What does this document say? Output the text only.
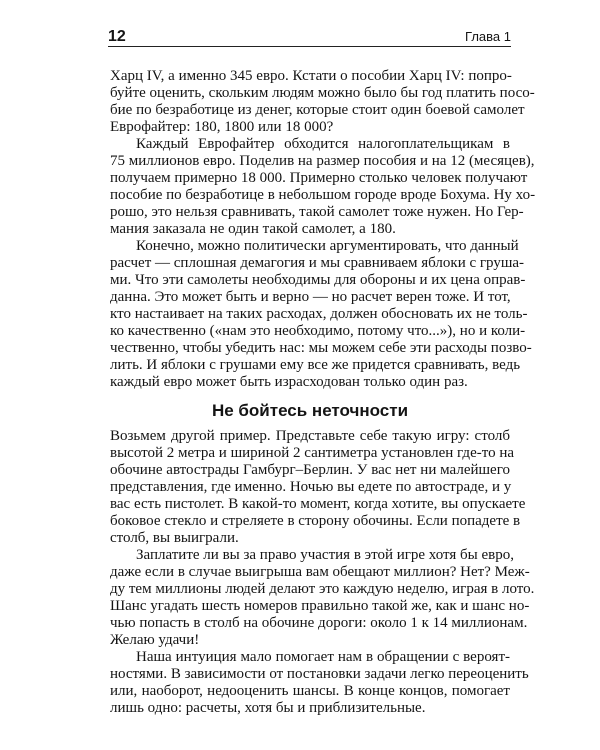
12	Глава 1
Харц IV, а именно 345 евро. Кстати о пособии Харц IV: попро-
буйте оценить, скольким людям можно было бы год платить посо-
бие по безработице из денег, которые стоит один боевой самолет
Еврофайтер: 180, 1800 или 18 000?
Каждый Еврофайтер обходится налогоплательщикам в
75 миллионов евро. Поделив на размер пособия и на 12 (месяцев),
получаем примерно 18 000. Примерно столько человек получают
пособие по безработице в небольшом городе вроде Бохума. Ну хо-
рошо, это нельзя сравнивать, такой самолет тоже нужен. Но Гер-
мания заказала не один такой самолет, а 180.
Конечно, можно политически аргументировать, что данный
расчет — сплошная демагогия и мы сравниваем яблоки с груша-
ми. Что эти самолеты необходимы для обороны и их цена оправ-
данна. Это может быть и верно — но расчет верен тоже. И тот,
кто настаивает на таких расходах, должен обосновать их не толь-
ко качественно («нам это необходимо, потому что...»), но и коли-
чественно, чтобы убедить нас: мы можем себе эти расходы позво-
лить. И яблоки с грушами ему все же придется сравнивать, ведь
каждый евро может быть израсходован только один раз.
Не бойтесь неточности
Возьмем другой пример. Представьте себе такую игру: столб
высотой 2 метра и шириной 2 сантиметра установлен где-то на
обочине автострады Гамбург–Берлин. У вас нет ни малейшего
представления, где именно. Ночью вы едете по автостраде, и у
вас есть пистолет. В какой-то момент, когда хотите, вы опускаете
боковое стекло и стреляете в сторону обочины. Если попадете в
столб, вы выиграли.
Заплатите ли вы за право участия в этой игре хотя бы евро,
даже если в случае выигрыша вам обещают миллион? Нет? Меж-
ду тем миллионы людей делают это каждую неделю, играя в лото.
Шанс угадать шесть номеров правильно такой же, как и шанс но-
чью попасть в столб на обочине дороги: около 1 к 14 миллионам.
Желаю удачи!
Наша интуиция мало помогает нам в обращении с вероят-
ностями. В зависимости от постановки задачи легко переоценить
или, наоборот, недооценить шансы. В конце концов, помогает
лишь одно: расчеты, хотя бы и приблизительные.
